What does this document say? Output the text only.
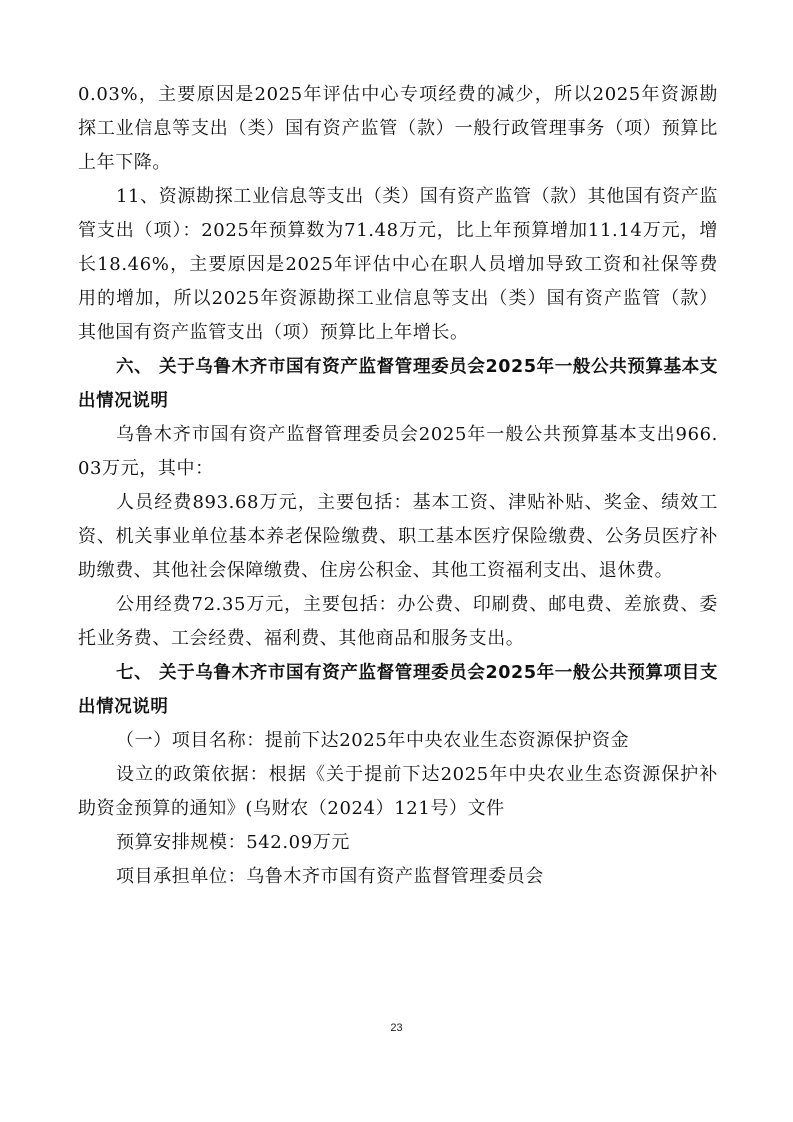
0.03%，主要原因是2025年评估中心专项经费的减少，所以2025年资源勘探工业信息等支出（类）国有资产监管（款）一般行政管理事务（项）预算比上年下降。

11、资源勘探工业信息等支出（类）国有资产监管（款）其他国有资产监管支出（项）：2025年预算数为71.48万元，比上年预算增加11.14万元，增长18.46%，主要原因是2025年评估中心在职人员增加导致工资和社保等费用的增加，所以2025年资源勘探工业信息等支出（类）国有资产监管（款）其他国有资产监管支出（项）预算比上年增长。

六、 关于乌鲁木齐市国有资产监督管理委员会2025年一般公共预算基本支出情况说明

乌鲁木齐市国有资产监督管理委员会2025年一般公共预算基本支出966.03万元，其中：

人员经费893.68万元，主要包括：基本工资、津贴补贴、奖金、绩效工资、机关事业单位基本养老保险缴费、职工基本医疗保险缴费、公务员医疗补助缴费、其他社会保障缴费、住房公积金、其他工资福利支出、退休费。

公用经费72.35万元，主要包括：办公费、印刷费、邮电费、差旅费、委托业务费、工会经费、福利费、其他商品和服务支出。

七、 关于乌鲁木齐市国有资产监督管理委员会2025年一般公共预算项目支出情况说明

（一）项目名称：提前下达2025年中央农业生态资源保护资金

设立的政策依据：根据《关于提前下达2025年中央农业生态资源保护补助资金预算的通知》(乌财农（2024）121号）文件

预算安排规模：542.09万元

项目承担单位：乌鲁木齐市国有资产监督管理委员会

23
